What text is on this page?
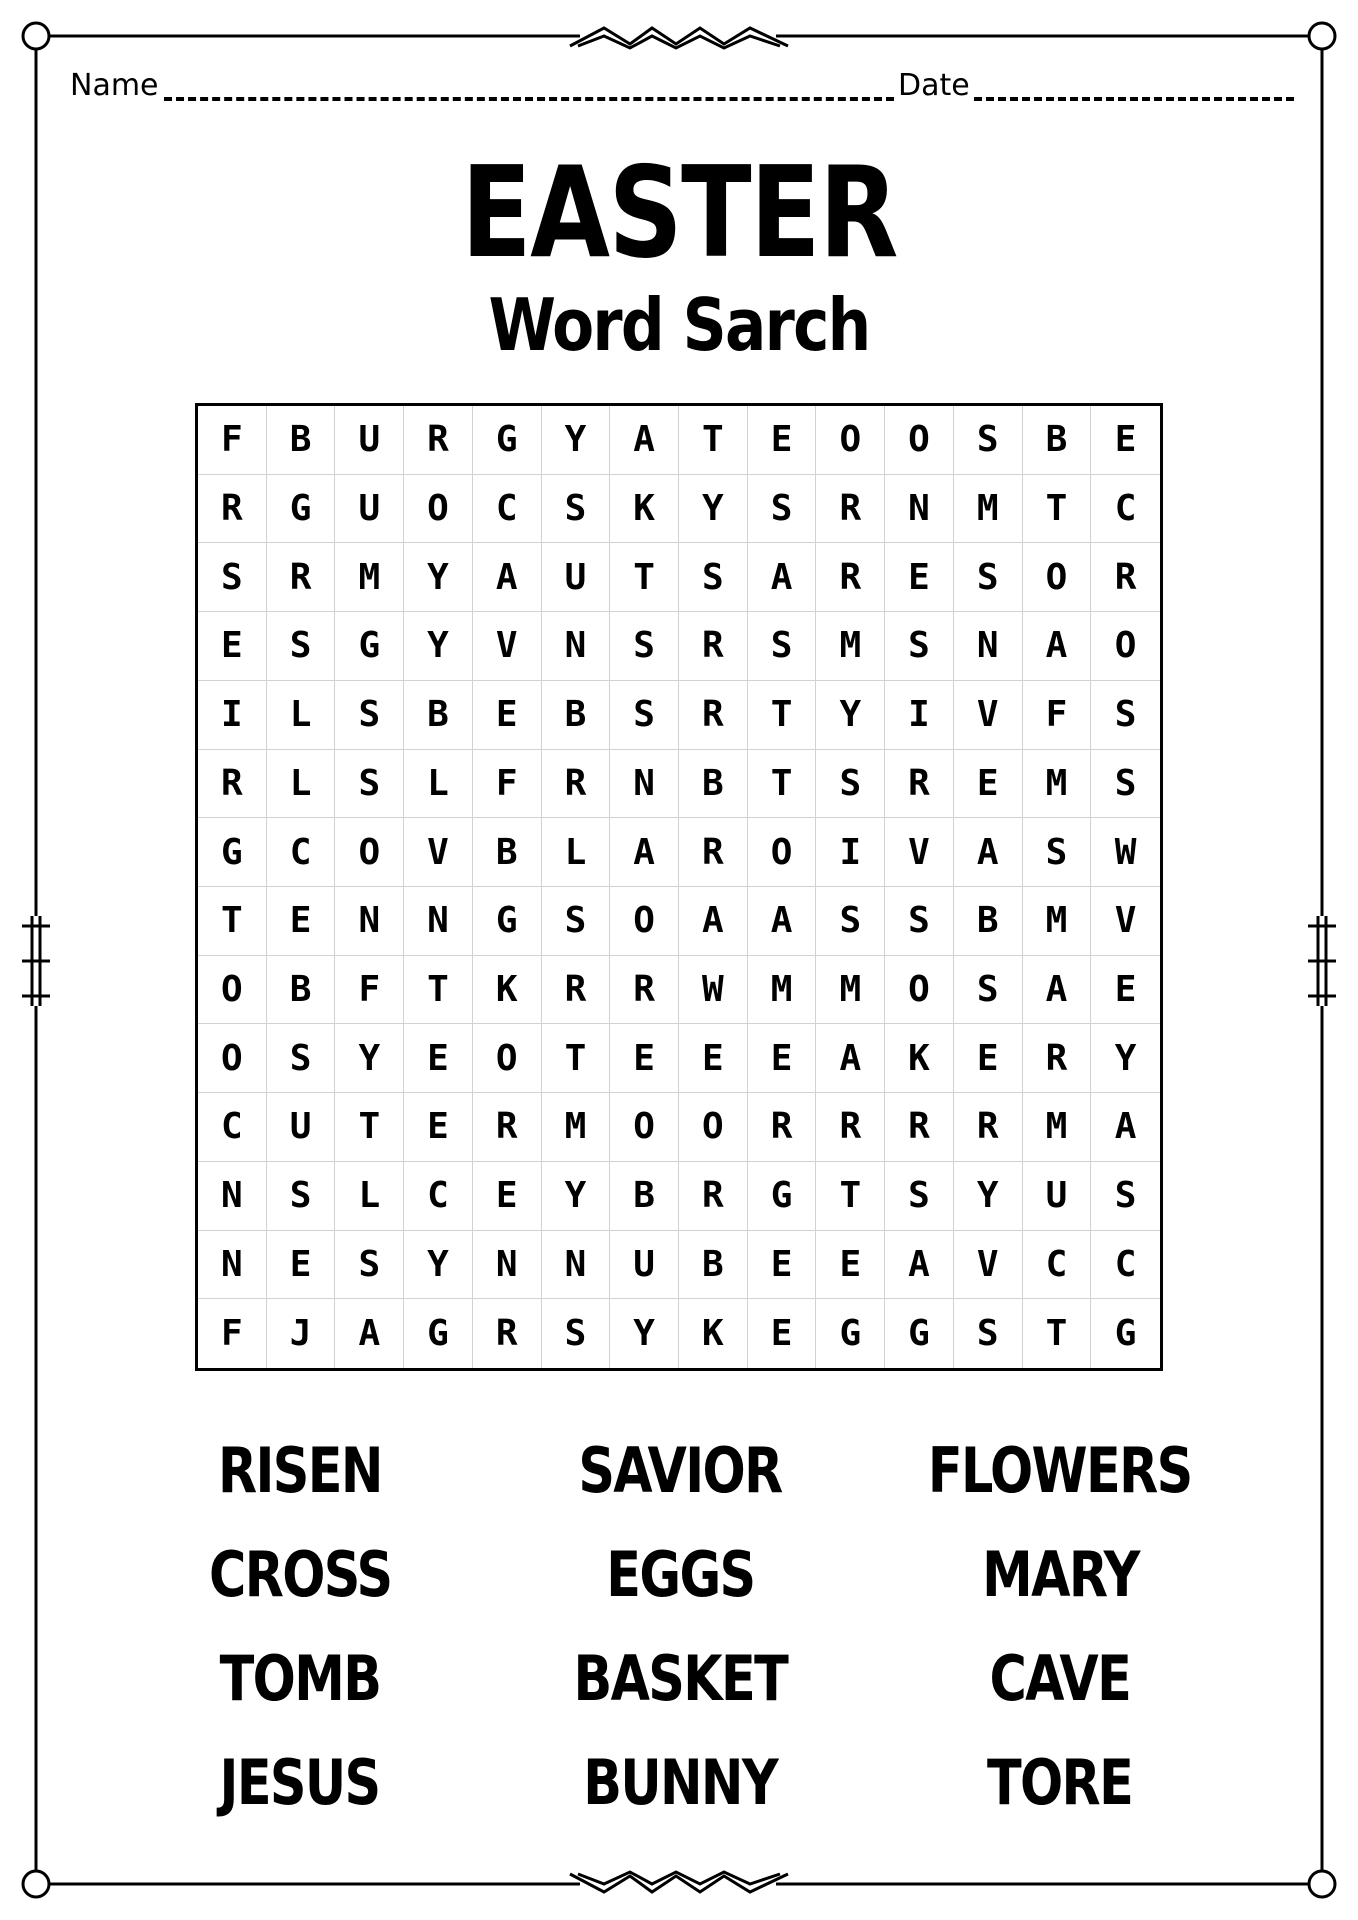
Name	Date
EASTER
Word Sarch
F	B	U	R	G	Y	A	T	E	O	O	S	B	E
R	G	U	O	C	S	K	Y	S	R	N	M	T	C
S	R	M	Y	A	U	T	S	A	R	E	S	O	R
E	S	G	Y	V	N	S	R	S	M	S	N	A	O
I	L	S	B	E	B	S	R	T	Y	I	V	F	S
R	L	S	L	F	R	N	B	T	S	R	E	M	S
G	C	O	V	B	L	A	R	O	I	V	A	S	W
T	E	N	N	G	S	O	A	A	S	S	B	M	V
O	B	F	T	K	R	R	W	M	M	O	S	A	E
O	S	Y	E	O	T	E	E	E	A	K	E	R	Y
C	U	T	E	R	M	O	O	R	R	R	R	M	A
N	S	L	C	E	Y	B	R	G	T	S	Y	U	S
N	E	S	Y	N	N	U	B	E	E	A	V	C	C
F	J	A	G	R	S	Y	K	E	G	G	S	T	G
RISEN	SAVIOR FLOWERS
CROSS	EGGS	MARY
TOMB	BASKET	CAVE
JESUS	BUNNY	TORE
